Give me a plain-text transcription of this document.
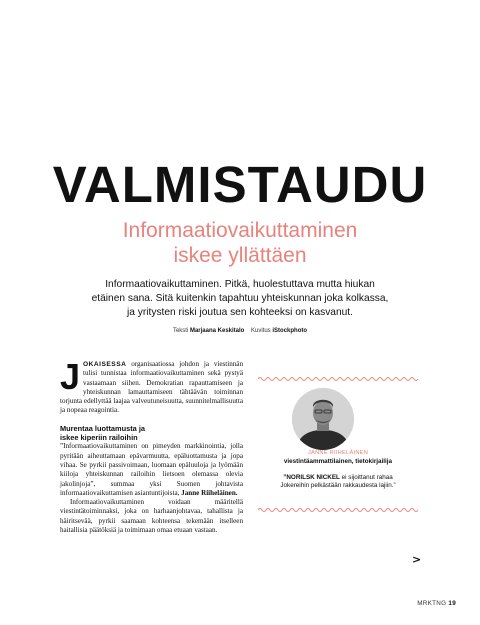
VALMISTAUDU
Informaatiovaikuttaminen
iskee yllättäen
Informaatiovaikuttaminen. Pitkä, huolestuttava mutta hiukan etäinen sana. Sitä kuitenkin tapahtuu yhteiskunnan joka kolkassa, ja yritysten riski joutua sen kohteeksi on kasvanut.
Teksti Marjaana Keskitalo Kuvitus iStockphoto

JOKAISESSA organisaatiossa johdon ja viestinnän tulisi tunnistaa informaatiovaikuttaminen sekä pystyä vastaamaan siihen. Demokratian rapauttamiseen ja yhteiskunnan lamauttamiseen tähtäävän toiminnan torjunta edellyttää laajaa valveutuneisuutta, suunnitelmallisuutta ja nopeaa reagointia.

Murentaa luottamusta ja
iskee kiperiin railoihin

”Informaatiovaikuttaminen on pimeyden markkinointia, jolla pyritään aiheuttamaan epävarmuutta, epäluottamusta ja jopa vihaa. Se pyrkii passivoimaan, luomaan epäluuloja ja lyömään kiiloja yhteiskunnan railoihin lietsoen olemassa olevia jakolinjoja”, summaa yksi Suomen johtavista informaatiovaikuttamisen asiantuntijoista, Janne Riiheläinen.

Informaatiovaikuttaminen voidaan määritellä viestintätoiminnaksi, joka on harhaanjohtavaa, tahallista ja häiritsevää, pyrkii saamaan kohteensa tekemään itselleen haitallisia päätöksiä ja toimimaan omaa etuaan vastaan.

JANNE RIIHELÄINEN
viestintäammattilainen, tietokirjailija
”NORILSK NICKEL ei sijoittanut rahaa Jokereihin pelkästään rakkaudesta lajiin.”
>
MRKTNG 19
